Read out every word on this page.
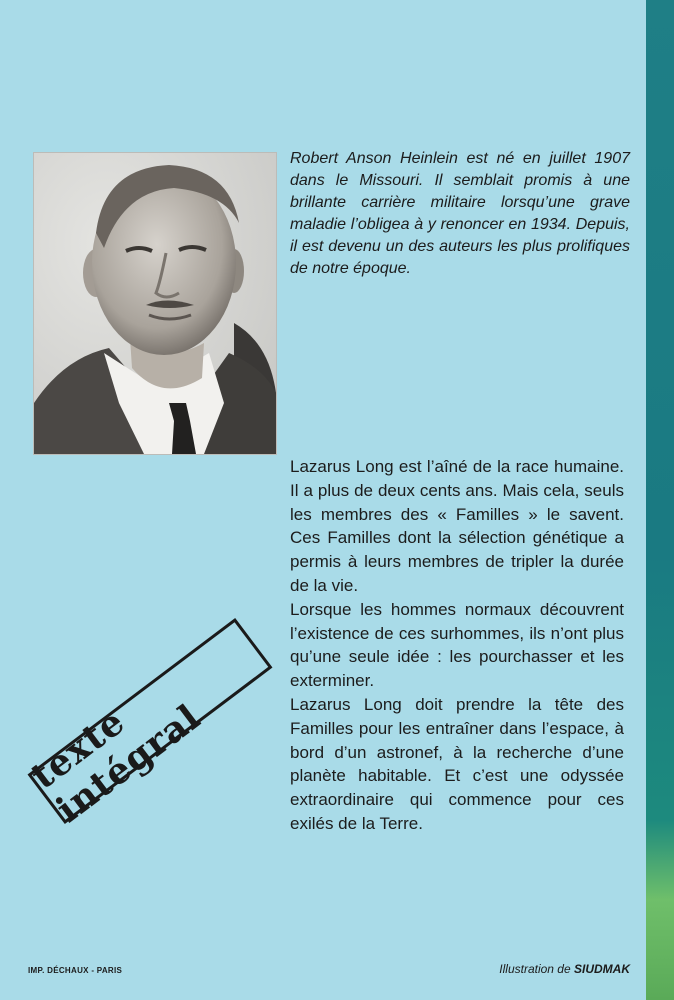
Robert Anson Heinlein est né en juillet 1907 dans le Missouri. Il semblait promis à une brillante carrière militaire lorsqu’une grave maladie l’obligea à y renoncer en 1934. Depuis, il est devenu un des auteurs les plus prolifiques de notre époque.

Lazarus Long est l’aîné de la race humaine. Il a plus de deux cents ans. Mais cela, seuls les membres des « Familles » le savent. Ces Familles dont la sélection génétique a permis à leurs membres de tripler la durée de la vie.

Lorsque les hommes normaux découvrent l’existence de ces surhommes, ils n’ont plus qu’une seule idée : les pourchasser et les exterminer.

Lazarus Long doit prendre la tête des Familles pour les entraîner dans l’espace, à bord d’un astronef, à la recherche d’une planète habitable. Et c’est une odyssée extraordinaire qui commence pour ces exilés de la Terre.

texte intégral
IMP. DÉCHAUX - PARIS	Illustration de SIUDMAK
